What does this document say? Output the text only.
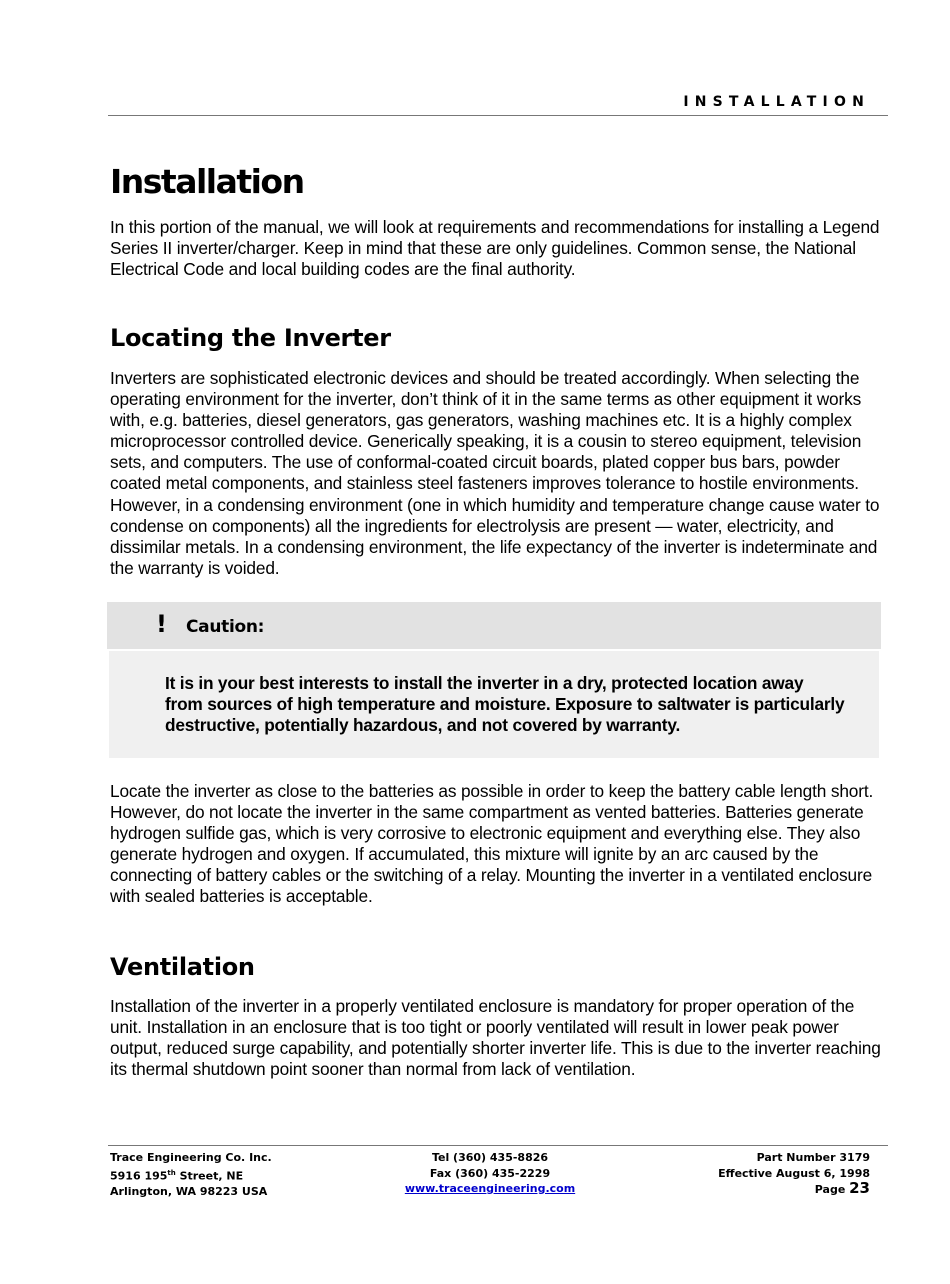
INSTALLATION
Installation

In this portion of the manual, we will look at requirements and recommendations for installing a Legend Series II inverter/charger. Keep in mind that these are only guidelines. Common sense, the National Electrical Code and local building codes are the final authority.

Locating the Inverter

Inverters are sophisticated electronic devices and should be treated accordingly. When selecting the operating environment for the inverter, don’t think of it in the same terms as other equipment it works with, e.g. batteries, diesel generators, gas generators, washing machines etc. It is a highly complex microprocessor controlled device. Generically speaking, it is a cousin to stereo equipment, television sets, and computers. The use of conformal-coated circuit boards, plated copper bus bars, powder coated metal components, and stainless steel fasteners improves tolerance to hostile environments. However, in a condensing environment (one in which humidity and temperature change cause water to condense on components) all the ingredients for electrolysis are present — water, electricity, and dissimilar metals. In a condensing environment, the life expectancy of the inverter is indeterminate and the warranty is voided.

! Caution:

It is in your best interests to install the inverter in a dry, protected location away from sources of high temperature and moisture. Exposure to saltwater is particularly destructive, potentially hazardous, and not covered by warranty.

Locate the inverter as close to the batteries as possible in order to keep the battery cable length short. However, do not locate the inverter in the same compartment as vented batteries. Batteries generate hydrogen sulfide gas, which is very corrosive to electronic equipment and everything else. They also generate hydrogen and oxygen. If accumulated, this mixture will ignite by an arc caused by the connecting of battery cables or the switching of a relay. Mounting the inverter in a ventilated enclosure with sealed batteries is acceptable.

Ventilation

Installation of the inverter in a properly ventilated enclosure is mandatory for proper operation of the unit. Installation in an enclosure that is too tight or poorly ventilated will result in lower peak power output, reduced surge capability, and potentially shorter inverter life. This is due to the inverter reaching its thermal shutdown point sooner than normal from lack of ventilation.

Trace Engineering Co. Inc.
5916 195th Street, NE
Arlington, WA 98223 USA
Tel (360) 435-8826
Fax (360) 435-2229
www.traceengineering.com
Part Number 3179
Effective August 6, 1998
Page 23
